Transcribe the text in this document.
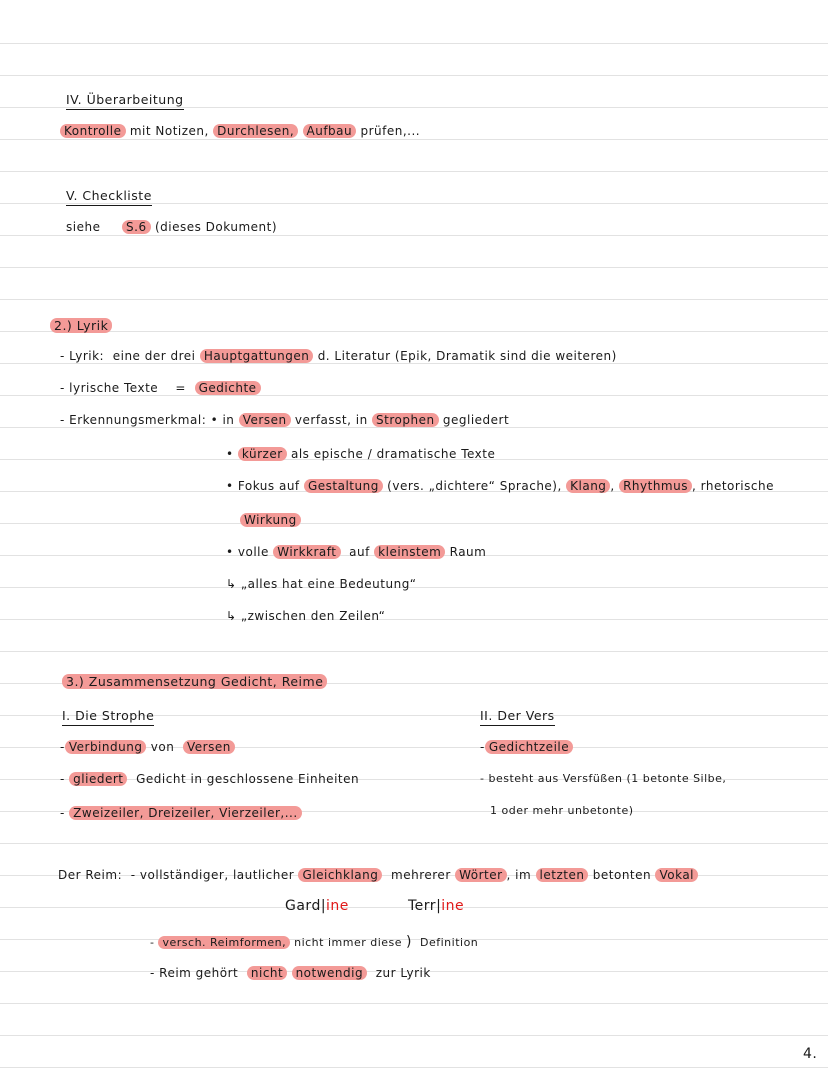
IV. Überarbeitung
Kontrolle mit Notizen, Durchlesen, Aufbau prüfen,...
V. Checkliste
siehe S.6 (dieses Dokument)
2.) Lyrik
- Lyrik: eine der drei Hauptgattungen d. Literatur (Epik, Dramatik sind die weiteren)
- lyrische Texte = Gedichte
- Erkennungsmerkmal: • in Versen verfasst, in Strophen gegliedert
• kürzer als epische / dramatische Texte
• Fokus auf Gestaltung (vers. „dichtere“ Sprache), Klang , Rhythmus , rhetorische
Wirkung
• volle Wirkkraft auf kleinstem Raum
↳ „alles hat eine Bedeutung“
↳ „zwischen den Zeilen“
3.) Zusammensetzung Gedicht, Reime
I. Die Strophe
- Verbindung von Versen
- gliedert Gedicht in geschlossene Einheiten
- Zweizeiler, Dreizeiler, Vierzeiler,...
II. Der Vers
- Gedichtzeile
- besteht aus Versfüßen (1 betonte Silbe,
1 oder mehr unbetonte)
Der Reim: - vollständiger, lautlicher Gleichklang mehrerer Wörter , im letzten betonten Vokal
Gard|ine	Terr|ine
- versch. Reimformen, nicht immer diese ) Definition
- Reim gehört nicht notwendig zur Lyrik
4.
